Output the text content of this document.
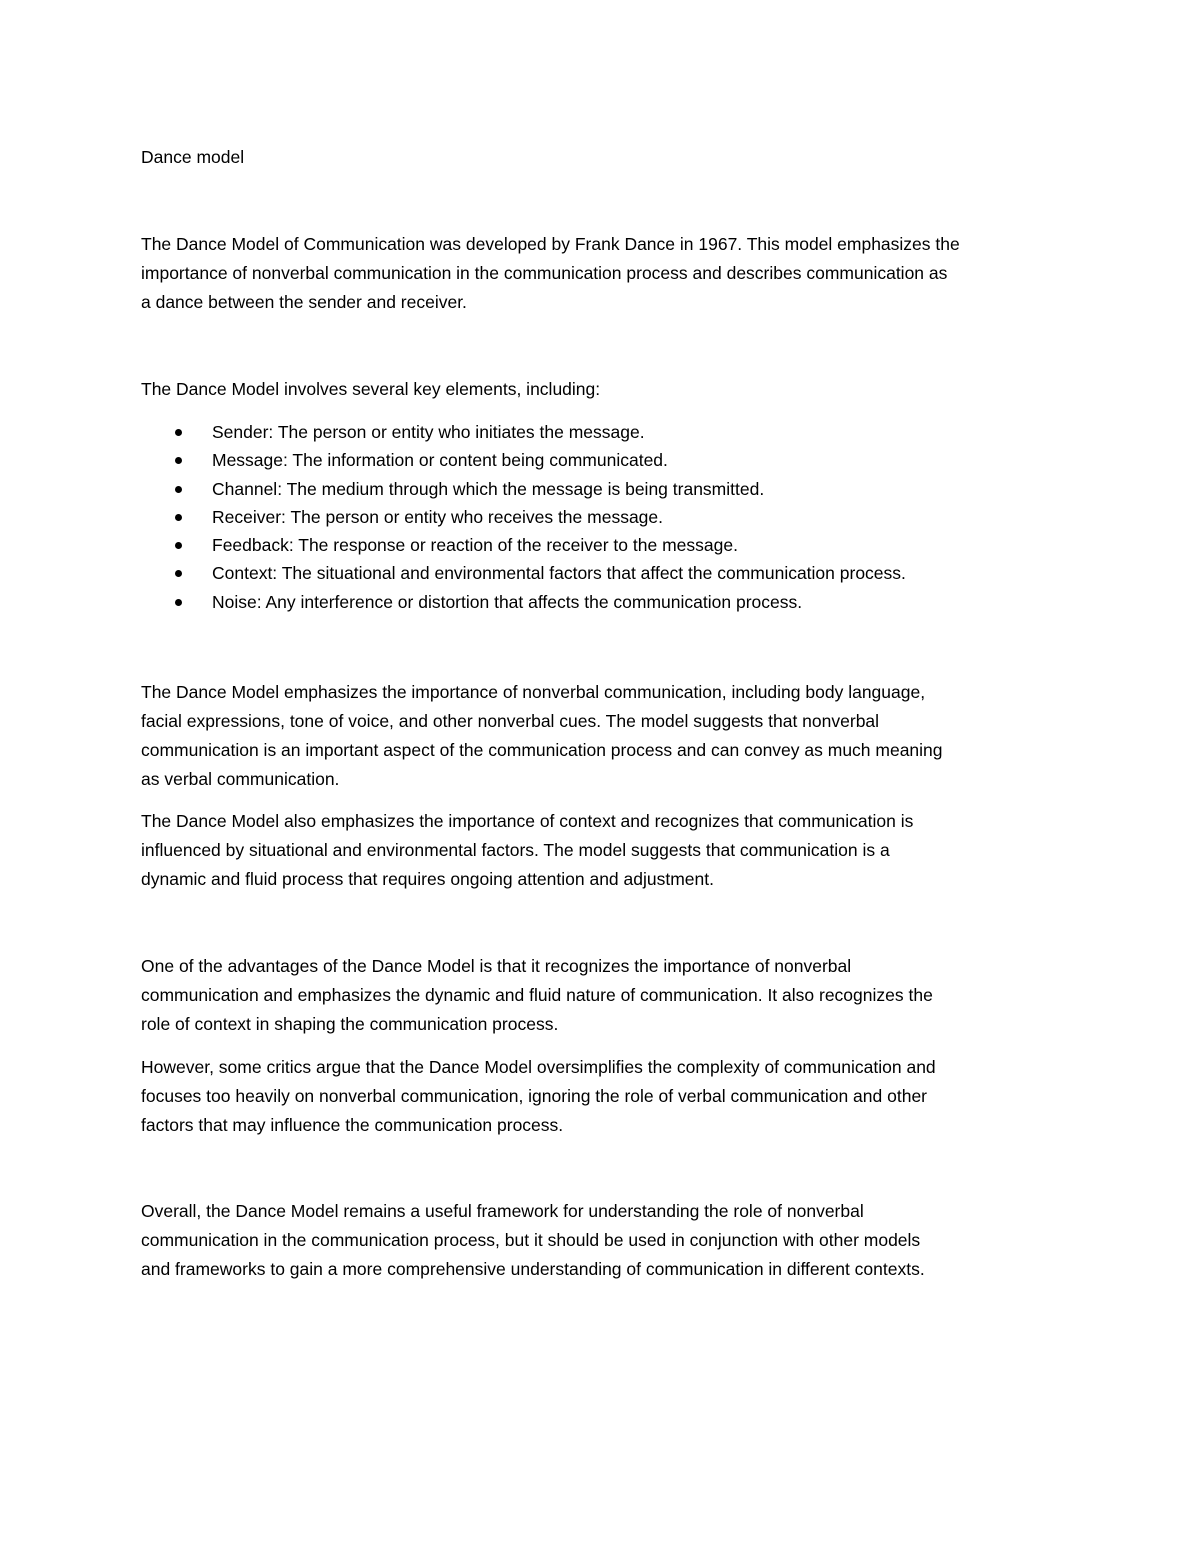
Dance model

The Dance Model of Communication was developed by Frank Dance in 1967. This model emphasizes the
importance of nonverbal communication in the communication process and describes communication as
a dance between the sender and receiver.

The Dance Model involves several key elements, including:

Sender: The person or entity who initiates the message.
Message: The information or content being communicated.
Channel: The medium through which the message is being transmitted.
Receiver: The person or entity who receives the message.
Feedback: The response or reaction of the receiver to the message.
Context: The situational and environmental factors that affect the communication process.
Noise: Any interference or distortion that affects the communication process.

The Dance Model emphasizes the importance of nonverbal communication, including body language,
facial expressions, tone of voice, and other nonverbal cues. The model suggests that nonverbal
communication is an important aspect of the communication process and can convey as much meaning
as verbal communication.

The Dance Model also emphasizes the importance of context and recognizes that communication is
influenced by situational and environmental factors. The model suggests that communication is a
dynamic and fluid process that requires ongoing attention and adjustment.

One of the advantages of the Dance Model is that it recognizes the importance of nonverbal
communication and emphasizes the dynamic and fluid nature of communication. It also recognizes the
role of context in shaping the communication process.

However, some critics argue that the Dance Model oversimplifies the complexity of communication and
focuses too heavily on nonverbal communication, ignoring the role of verbal communication and other
factors that may influence the communication process.

Overall, the Dance Model remains a useful framework for understanding the role of nonverbal
communication in the communication process, but it should be used in conjunction with other models
and frameworks to gain a more comprehensive understanding of communication in different contexts.
